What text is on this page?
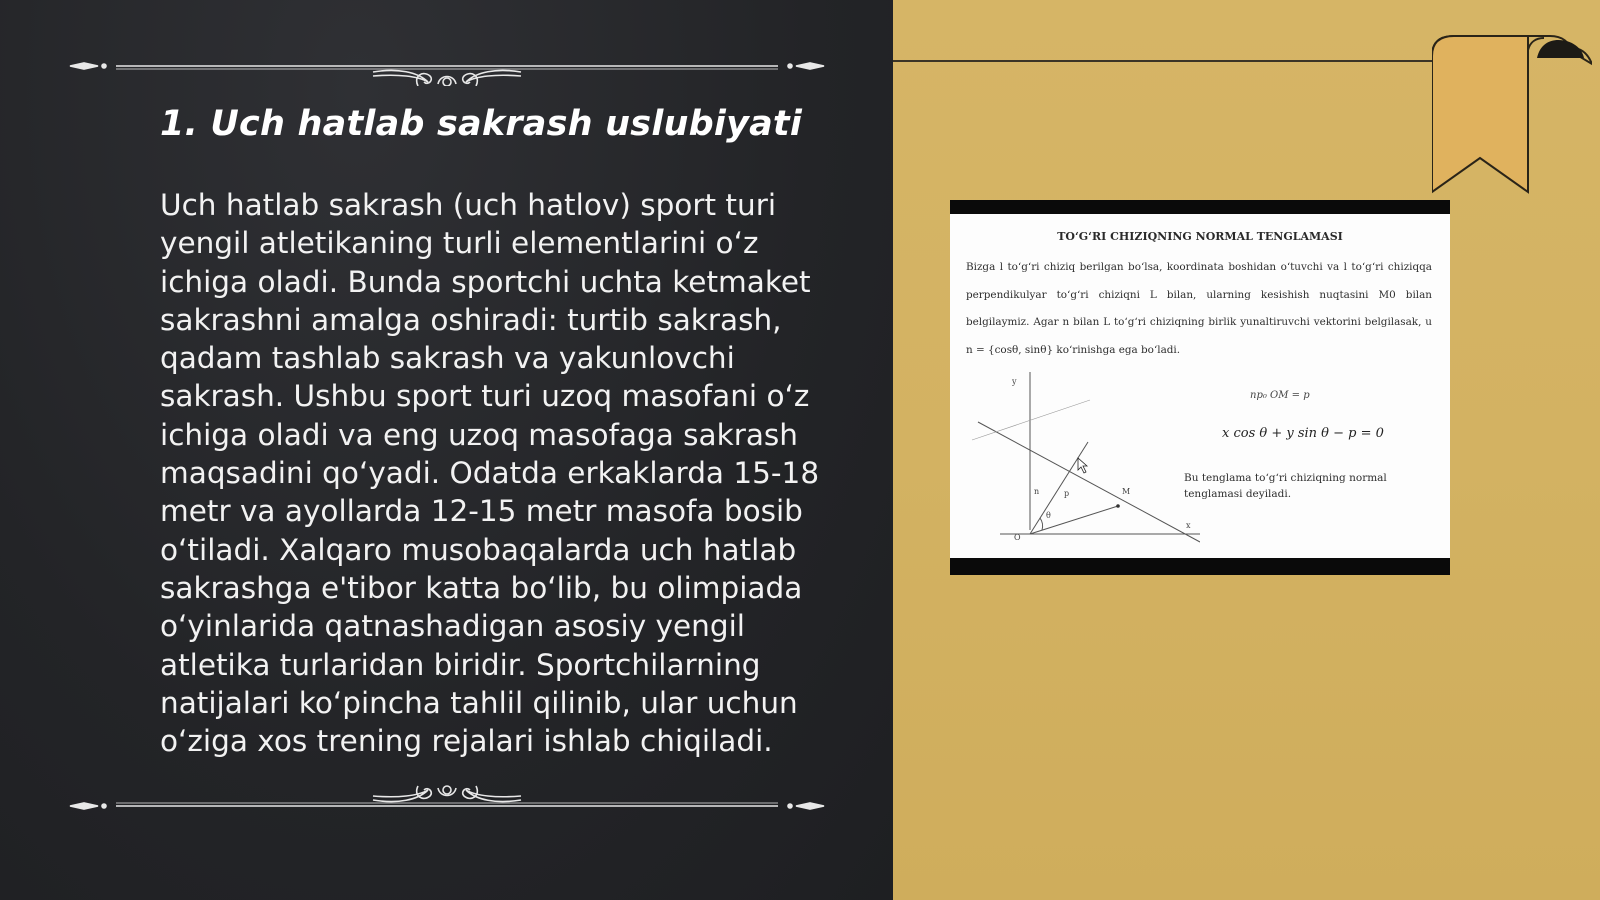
1. Uch hatlab sakrash uslubiyati

Uch hatlab sakrash (uch hatlov) sport turi yengil atletikaning turli elementlarini o‘z ichiga oladi. Bunda sportchi uchta ketmaket sakrashni amalga oshiradi: turtib sakrash, qadam tashlab sakrash va yakunlovchi sakrash. Ushbu sport turi uzoq masofani o‘z ichiga oladi va eng uzoq masofaga sakrash maqsadini qo‘yadi. Odatda erkaklarda 15-18 metr va ayollarda 12-15 metr masofa bosib o‘tiladi. Xalqaro musobaqalarda uch hatlab sakrashga e'tibor katta bo‘lib, bu olimpiada o‘yinlarida qatnashadigan asosiy yengil atletika turlaridan biridir. Sportchilarning natijalari ko‘pincha tahlil qilinib, ular uchun o‘ziga xos trening rejalari ishlab chiqiladi.

TO‘G‘RI CHIZIQNING NORMAL TENGLAMASI

Bizga l to‘g‘ri chiziq berilgan bo‘lsa, koordinata boshidan o‘tuvchi va l to‘g‘ri chiziqqa perpendikulyar to‘g‘ri chiziqni L bilan, ularning kesishish nuqtasini M0 bilan belgilaymiz. Agar n bilan L to‘g‘ri chiziqning birlik yunaltiruvchi vektorini belgilasak, u n = {cosθ, sinθ} ko‘rinishga ega bo‘ladi.

y
x
O
M
p
n
θ
np₀ OM = p
x cos θ + y sin θ − p = 0

Bu tenglama to‘g‘ri chiziqning normal tenglamasi deyiladi.
